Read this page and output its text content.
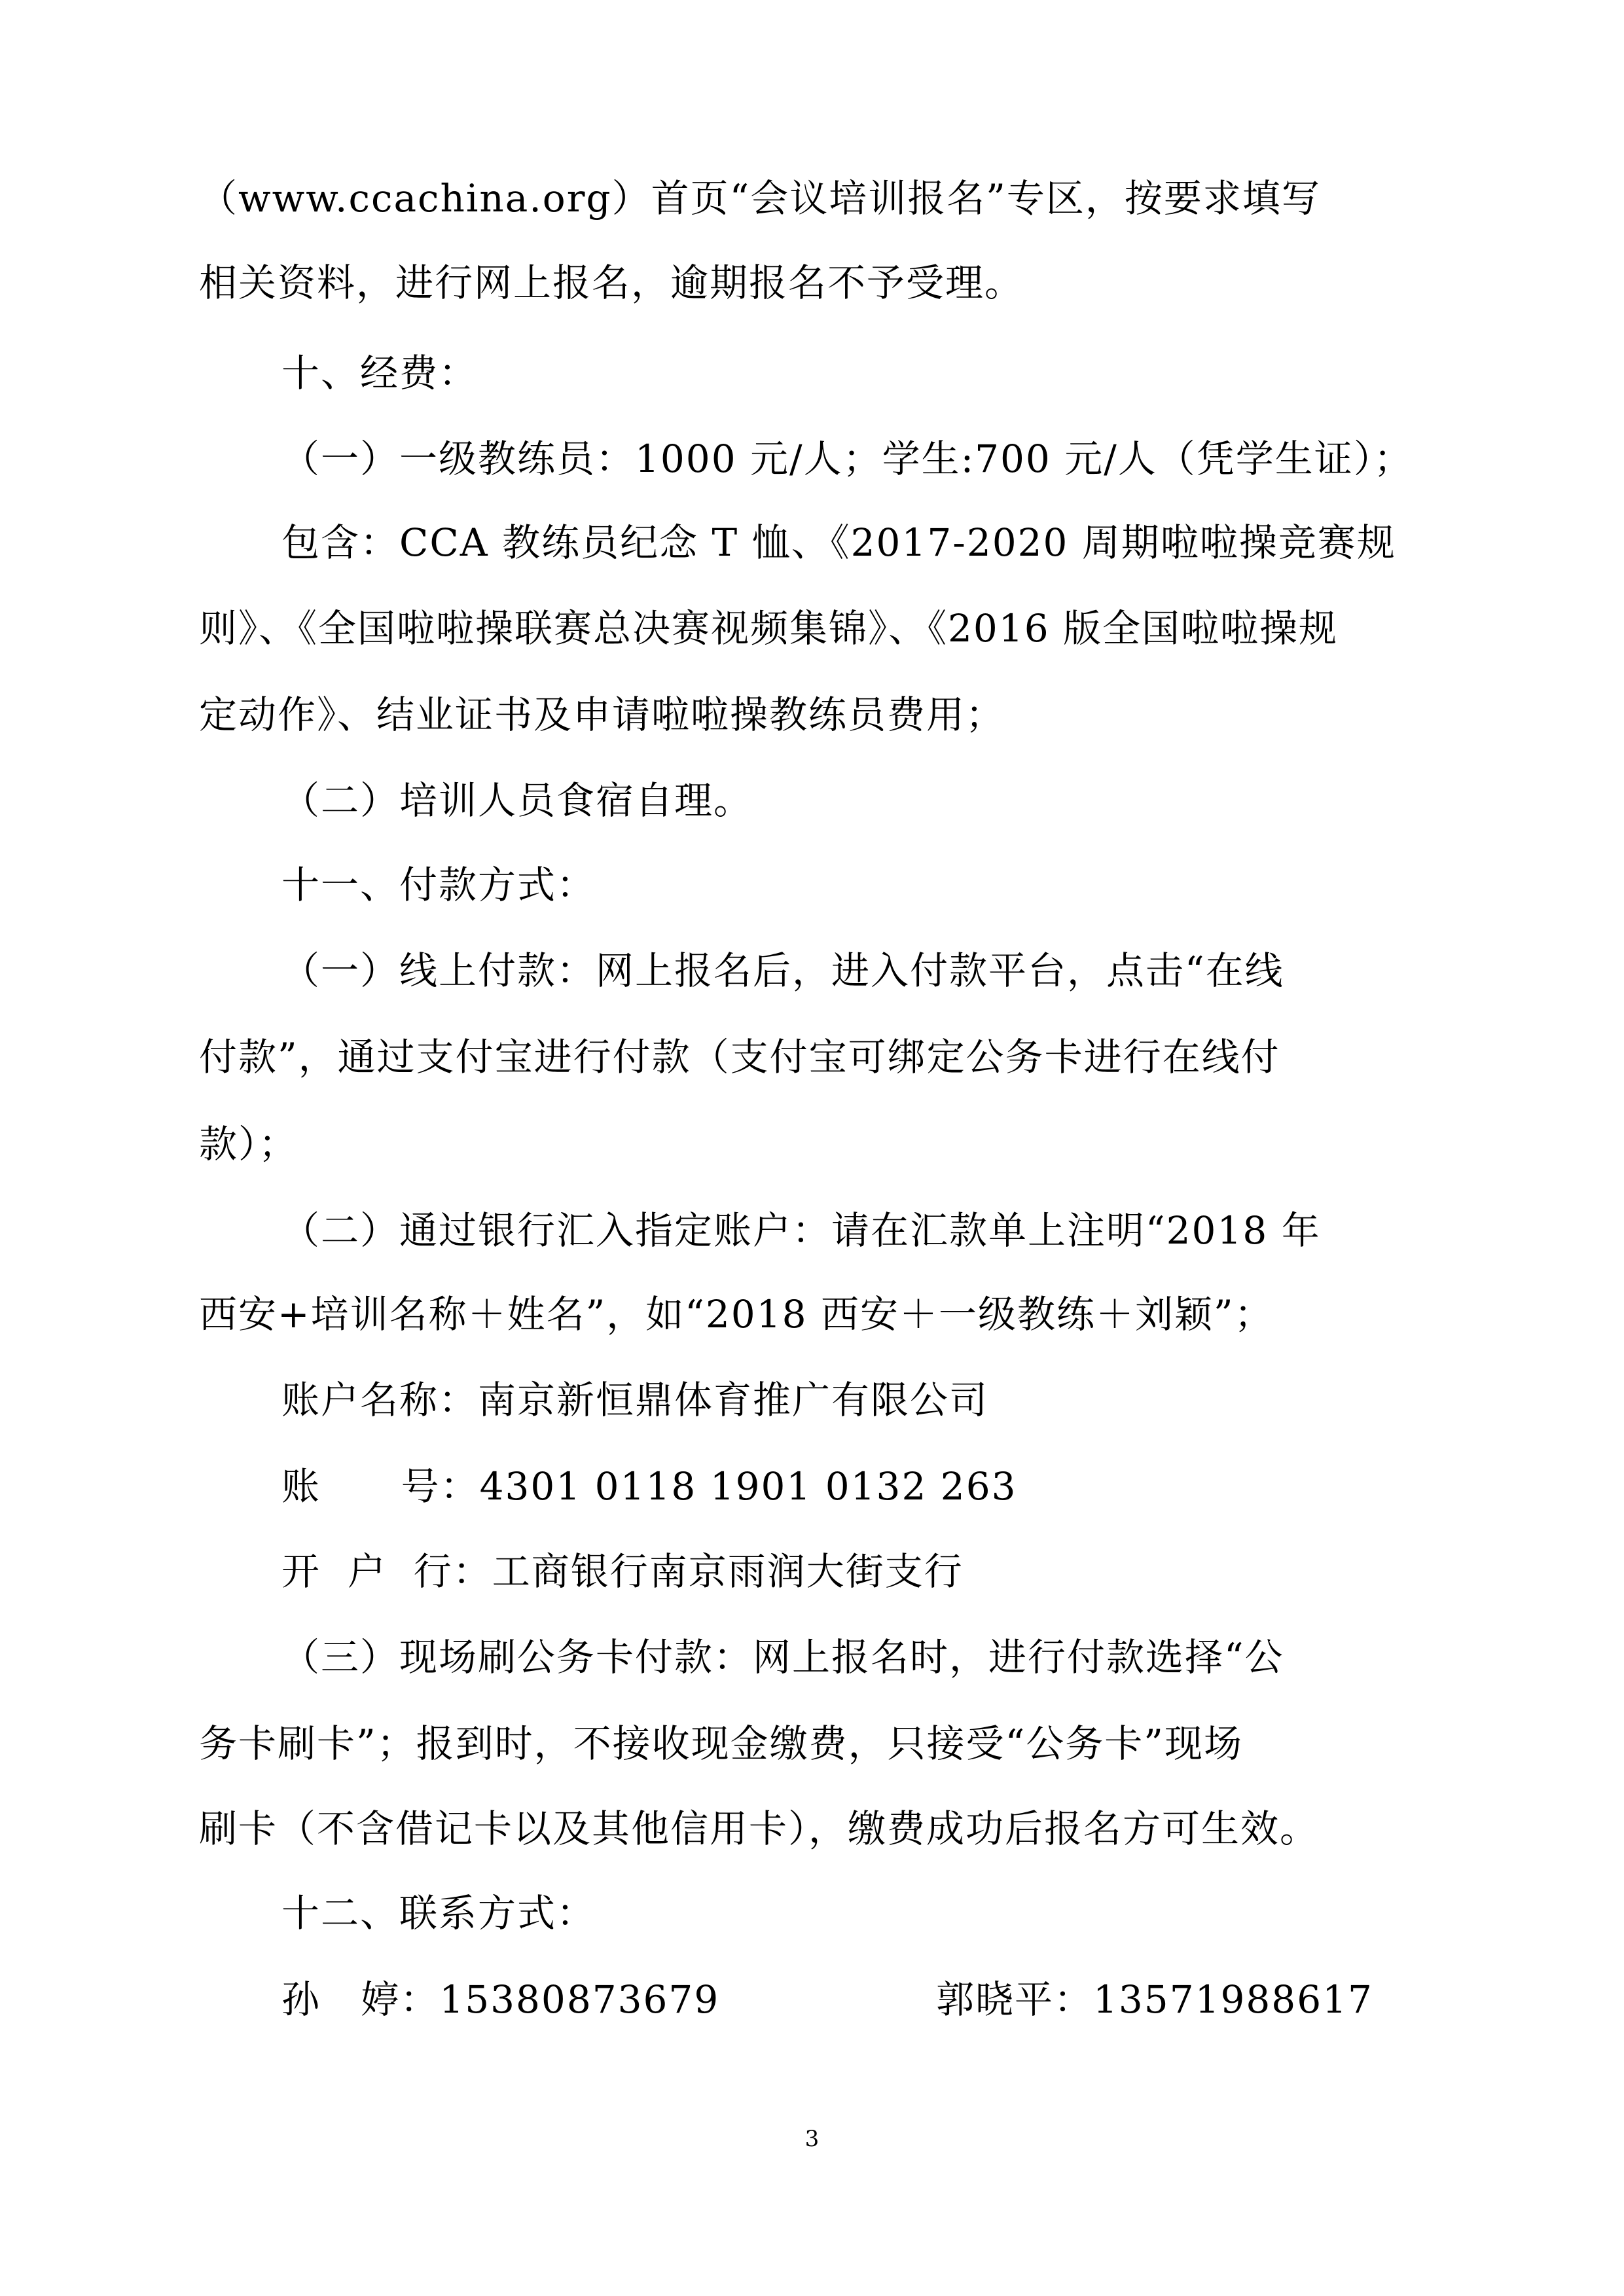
（www.ccachina.org）首页“会议培训报名”专区，按要求填写
相关资料，进行网上报名，逾期报名不予受理。
十、经费：
（一）一级教练员：1000 元/人；学生:700 元/人（凭学生证）；
包含：CCA 教练员纪念 T 恤、《2017-2020 周期啦啦操竞赛规
则》、《全国啦啦操联赛总决赛视频集锦》、《2016 版全国啦啦操规
定动作》、结业证书及申请啦啦操教练员费用；
（二）培训人员食宿自理。
十一、付款方式：
（一）线上付款：网上报名后，进入付款平台，点击“在线
付款”，通过支付宝进行付款（支付宝可绑定公务卡进行在线付
款）；
（二）通过银行汇入指定账户：请在汇款单上注明“2018 年
西安+培训名称＋姓名”，如“2018 西安＋一级教练＋刘颖”；
账户名称：南京新恒鼎体育推广有限公司
账      号：4301 0118 1901 0132 263
开  户  行：工商银行南京雨润大街支行
（三）现场刷公务卡付款：网上报名时，进行付款选择“公
务卡刷卡”；报到时，不接收现金缴费，只接受“公务卡”现场
刷卡（不含借记卡以及其他信用卡），缴费成功后报名方可生效。
十二、联系方式：
孙   婷：15380873679	郭晓平：13571988617
3
